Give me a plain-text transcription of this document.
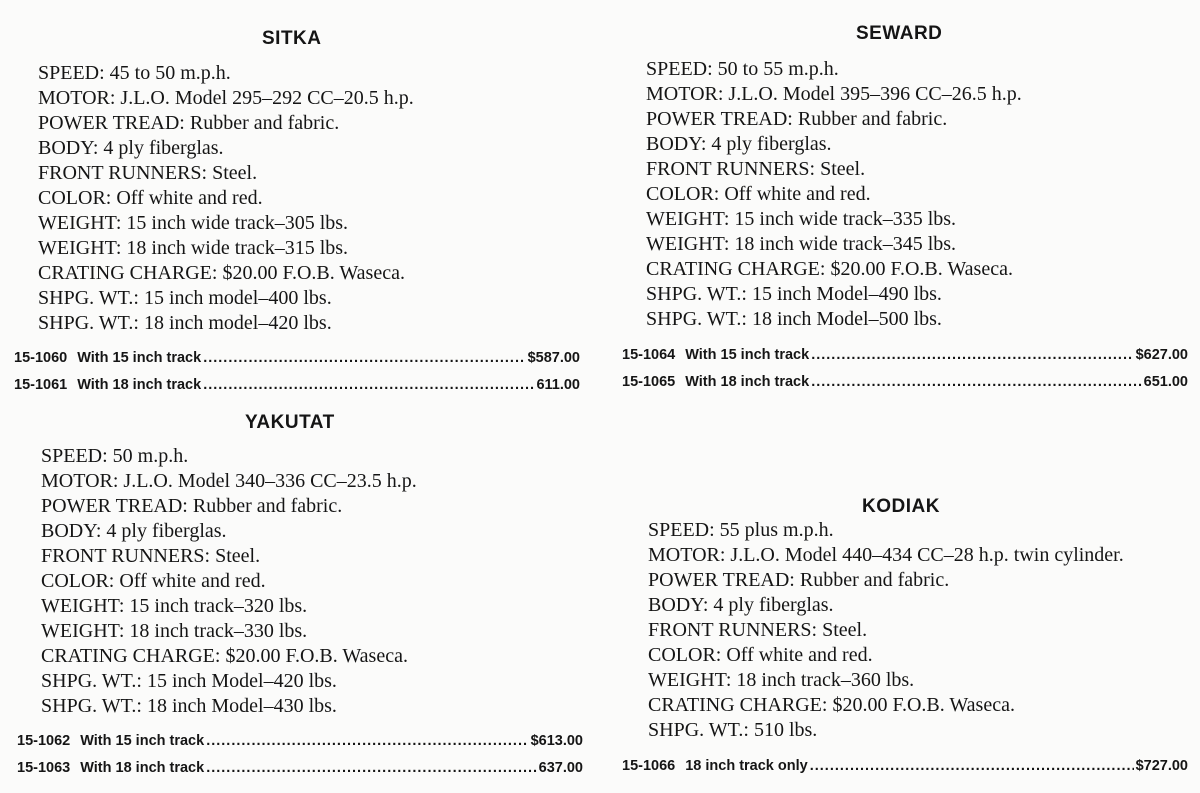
SITKA
SPEED: 45 to 50 m.p.h.
MOTOR: J.L.O. Model 295–292 CC–20.5 h.p.
POWER TREAD: Rubber and fabric.
BODY: 4 ply fiberglas.
FRONT RUNNERS: Steel.
COLOR: Off white and red.
WEIGHT: 15 inch wide track–305 lbs.
WEIGHT: 18 inch wide track–315 lbs.
CRATING CHARGE: $20.00 F.O.B. Waseca.
SHPG. WT.: 15 inch model–400 lbs.
SHPG. WT.: 18 inch model–420 lbs.
15-1060 With 15 inch track .....	$587.00
15-1061 With 18 inch track .....	611.00
SEWARD
SPEED: 50 to 55 m.p.h.
MOTOR: J.L.O. Model 395–396 CC–26.5 h.p.
POWER TREAD: Rubber and fabric.
BODY: 4 ply fiberglas.
FRONT RUNNERS: Steel.
COLOR: Off white and red.
WEIGHT: 15 inch wide track–335 lbs.
WEIGHT: 18 inch wide track–345 lbs.
CRATING CHARGE: $20.00 F.O.B. Waseca.
SHPG. WT.: 15 inch Model–490 lbs.
SHPG. WT.: 18 inch Model–500 lbs.
15-1064 With 15 inch track .....	$627.00
15-1065 With 18 inch track .....	651.00
YAKUTAT
SPEED: 50 m.p.h.
MOTOR: J.L.O. Model 340–336 CC–23.5 h.p.
POWER TREAD: Rubber and fabric.
BODY: 4 ply fiberglas.
FRONT RUNNERS: Steel.
COLOR: Off white and red.
WEIGHT: 15 inch track–320 lbs.
WEIGHT: 18 inch track–330 lbs.
CRATING CHARGE: $20.00 F.O.B. Waseca.
SHPG. WT.: 15 inch Model–420 lbs.
SHPG. WT.: 18 inch Model–430 lbs.
15-1062 With 15 inch track .....	$613.00
15-1063 With 18 inch track .....	637.00
KODIAK
SPEED: 55 plus m.p.h.
MOTOR: J.L.O. Model 440–434 CC–28 h.p. twin cylinder.
POWER TREAD: Rubber and fabric.
BODY: 4 ply fiberglas.
FRONT RUNNERS: Steel.
COLOR: Off white and red.
WEIGHT: 18 inch track–360 lbs.
CRATING CHARGE: $20.00 F.O.B. Waseca.
SHPG. WT.: 510 lbs.
15-1066 18 inch track only .....	$727.00
